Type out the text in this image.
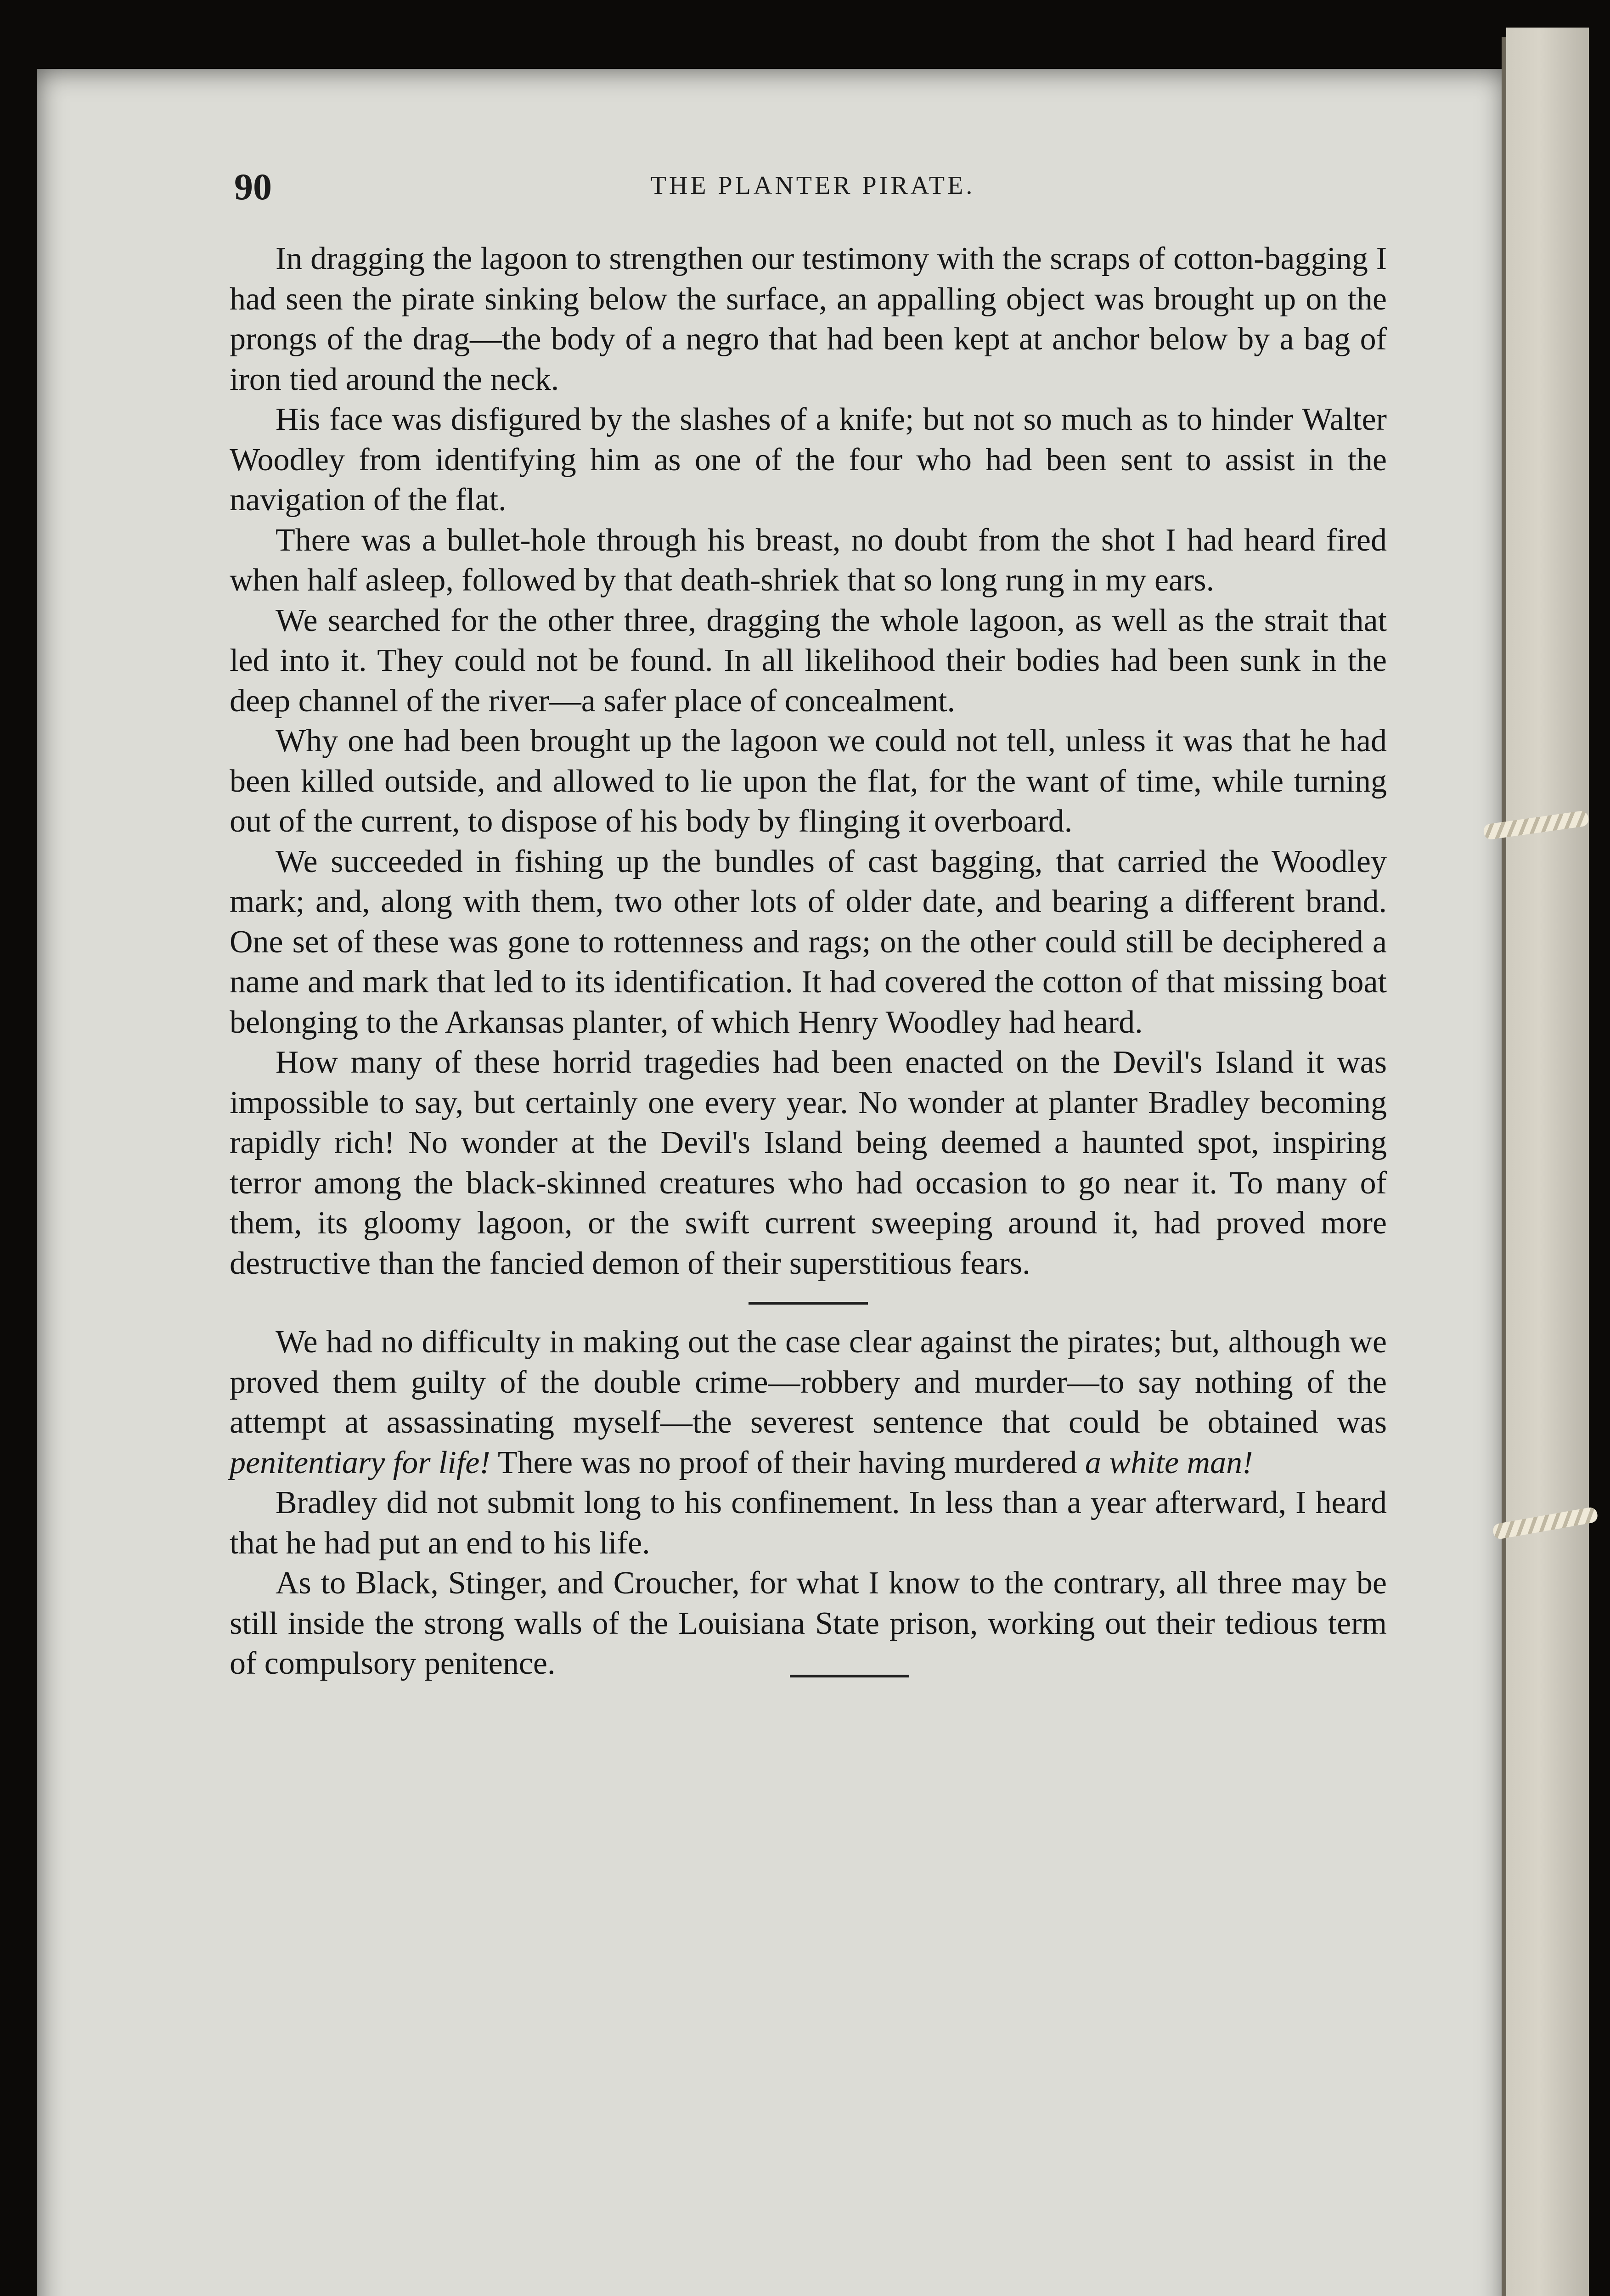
90	THE PLANTER PIRATE.

In dragging the lagoon to strengthen our testimony with the scraps of cotton-bagging I had seen the pirate sinking below the surface, an appalling object was brought up on the prongs of the drag—the body of a negro that had been kept at anchor below by a bag of iron tied around the neck.

His face was disfigured by the slashes of a knife; but not so much as to hinder Walter Woodley from identifying him as one of the four who had been sent to assist in the navigation of the flat.

There was a bullet-hole through his breast, no doubt from the shot I had heard fired when half asleep, followed by that death-shriek that so long rung in my ears.

We searched for the other three, dragging the whole lagoon, as well as the strait that led into it. They could not be found. In all likelihood their bodies had been sunk in the deep channel of the river—a safer place of concealment.

Why one had been brought up the lagoon we could not tell, unless it was that he had been killed outside, and allowed to lie upon the flat, for the want of time, while turning out of the current, to dispose of his body by flinging it overboard.

We succeeded in fishing up the bundles of cast bagging, that carried the Woodley mark; and, along with them, two other lots of older date, and bearing a different brand. One set of these was gone to rottenness and rags; on the other could still be deciphered a name and mark that led to its identification. It had covered the cotton of that missing boat belonging to the Arkansas planter, of which Henry Woodley had heard.

How many of these horrid tragedies had been enacted on the Devil's Island it was impossible to say, but certainly one every year. No wonder at planter Bradley becoming rapidly rich! No wonder at the Devil's Island being deemed a haunted spot, inspiring terror among the black-skinned creatures who had occasion to go near it. To many of them, its gloomy lagoon, or the swift current sweeping around it, had proved more destructive than the fancied demon of their superstitious fears.

We had no difficulty in making out the case clear against the pirates; but, although we proved them guilty of the double crime—robbery and murder—to say nothing of the attempt at assassinating myself—the severest sentence that could be obtained was penitentiary for life! There was no proof of their having murdered a white man!

Bradley did not submit long to his confinement. In less than a year afterward, I heard that he had put an end to his life.

As to Black, Stinger, and Croucher, for what I know to the contrary, all three may be still inside the strong walls of the Louisiana State prison, working out their tedious term of compulsory penitence.
